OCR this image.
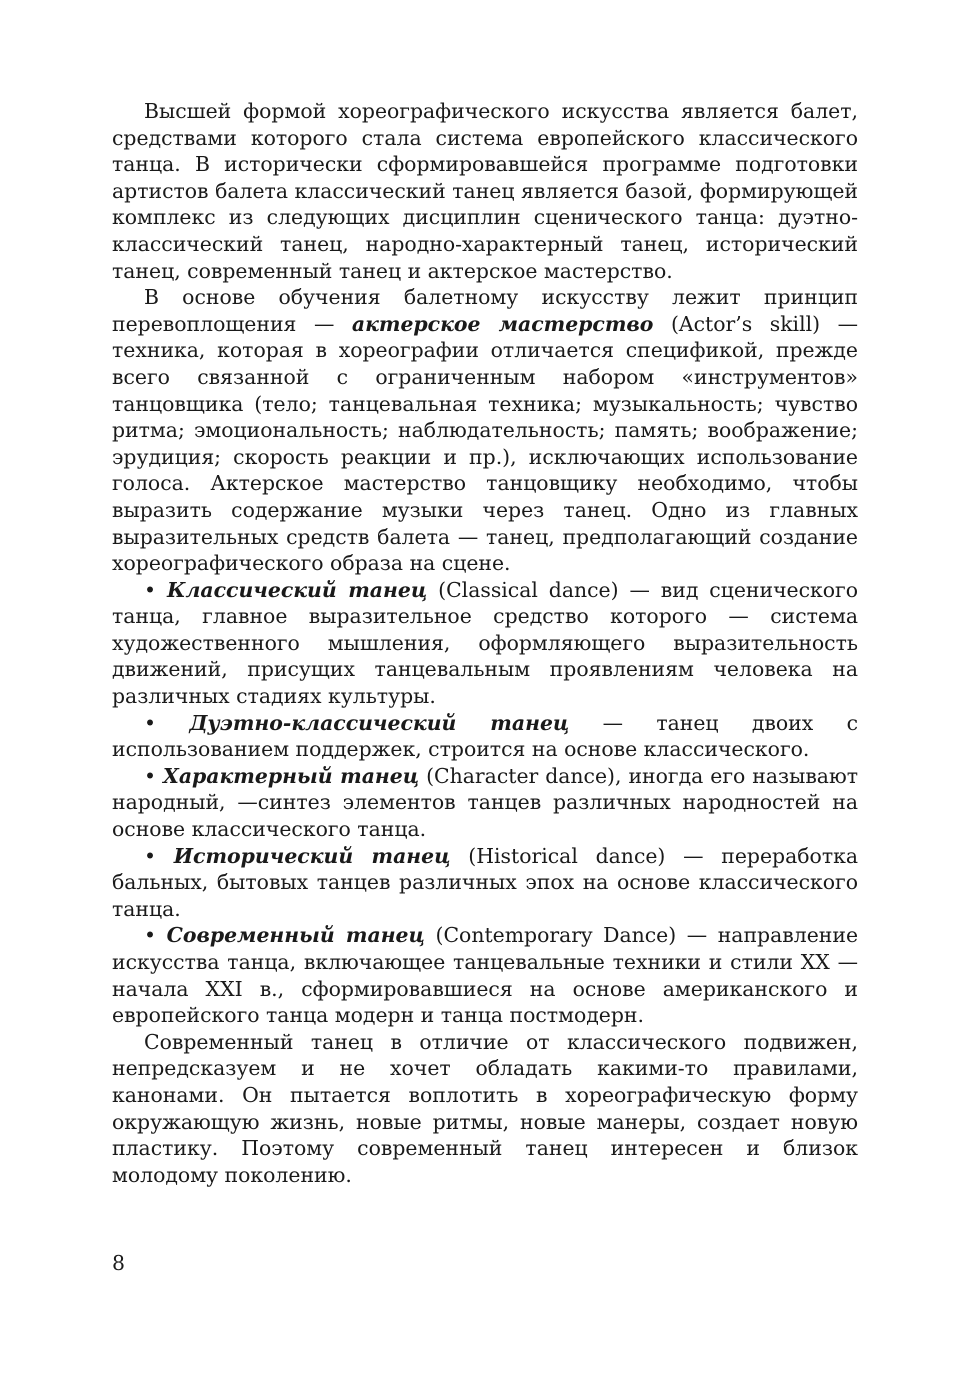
Высшей формой хореографического искусства является балет, средствами которого стала система европейского классического танца. В исторически сформировавшейся программе подготовки артистов балета классический танец является базой, формирующей комплекс из следующих дисциплин сценического танца: дуэтно-классический танец, народно-характерный танец, исторический танец, современный танец и актерское мастерство.

В основе обучения балетному искусству лежит принцип перевоплощения — актерское мастерство (Actor’s skill) — техника, которая в хореографии отличается спецификой, прежде всего связанной с ограниченным набором «инструментов» танцовщика (тело; танцевальная техника; музыкальность; чувство ритма; эмоциональность; наблюдательность; память; воображение; эрудиция; скорость реакции и пр.), исключающих использование голоса. Актерское мастерство танцовщику необходимо, чтобы выразить содержание музыки через танец. Одно из главных выразительных средств балета — танец, предполагающий создание хореографического образа на сцене.

• Классический танец (Classical dance) — вид сценического танца, главное выразительное средство которого — система художественного мышления, оформляющего выразительность движений, присущих танцевальным проявлениям человека на различных стадиях культуры.

• Дуэтно-классический танец — танец двоих с использованием поддержек, строится на основе классического.

• Характерный танец (Character dance), иногда его называют народный, —синтез элементов танцев различных народностей на основе классического танца.

• Исторический танец (Historical dance) — переработка бальных, бытовых танцев различных эпох на основе классического танца.

• Современный танец (Contemporary Dance) — направление искусства танца, включающее танцевальные техники и стили XX — начала XXI в., сформировавшиеся на основе американского и европейского танца модерн и танца постмодерн.

Современный танец в отличие от классического подвижен, непредсказуем и не хочет обладать какими-то правилами, канонами. Он пытается воплотить в хореографическую форму окружающую жизнь, новые ритмы, новые манеры, создает новую пластику. Поэтому современный танец интересен и близок молодому поколению.

8
